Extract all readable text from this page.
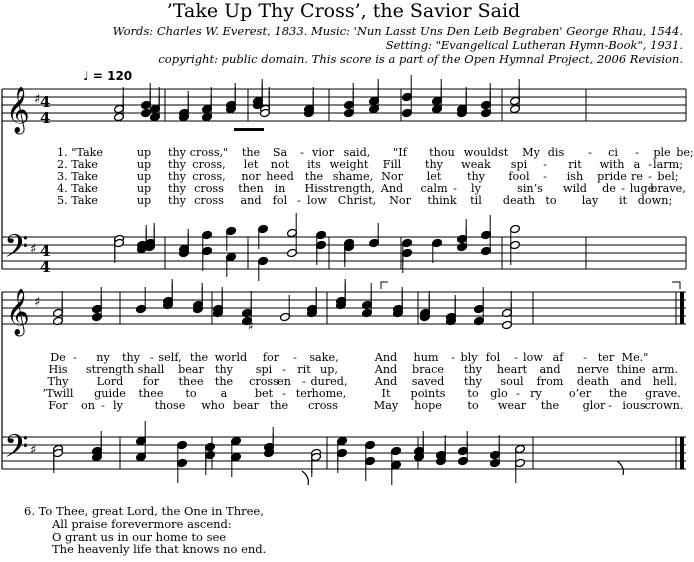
’Take Up Thy Cross’, the Savior Said
Words: Charles W. Everest, 1833. Music: 'Nun Lasst Uns Den Leib Begraben' George Rhau, 1544.
Setting: "Evangelical Lutheran Hymn-Book", 1931.
copyright: public domain. This score is a part of the Open Hymnal Project, 2006 Revision.
♩ = 120
♯
𝄞
𝄢
𝄞
𝄢
♯
♯
♯
♯
4
4
4
4
1. "Take	up thy cross," the Sa - vior said, "If thou wouldst My dis - ci - ple be;
2. Take	up thy cross, let not its weight Fill thy weak spi - rit with a - larm;
3. Take	up thy cross, nor heed the shame, Nor let thy fool - ish pride re - bel;
4. Take	up thy cross then in His strength, And calm - ly	sin’s wild de - luge
brave,
5. Take	up thy cross and fol - low Christ, Nor think til death to lay it down;
De - ny thy - self, the world for - sake,	And hum - bly fol - low af - ter Me."
His strength shall bear thy spi - rit up,	And brace thy heart and nerve thine arm.
Thy	Lord for thee the cross
en - dured, And saved thy soul from death and hell.
’Twill guide thee to a bet - ter home,	It points to glo - ry o’er the grave.
For on - ly	those who bear the cross	May hope to wear the glor - ious crown.
6. To Thee, great Lord, the One in Three,
All praise forevermore ascend:
O grant us in our home to see
The heavenly life that knows no end.
